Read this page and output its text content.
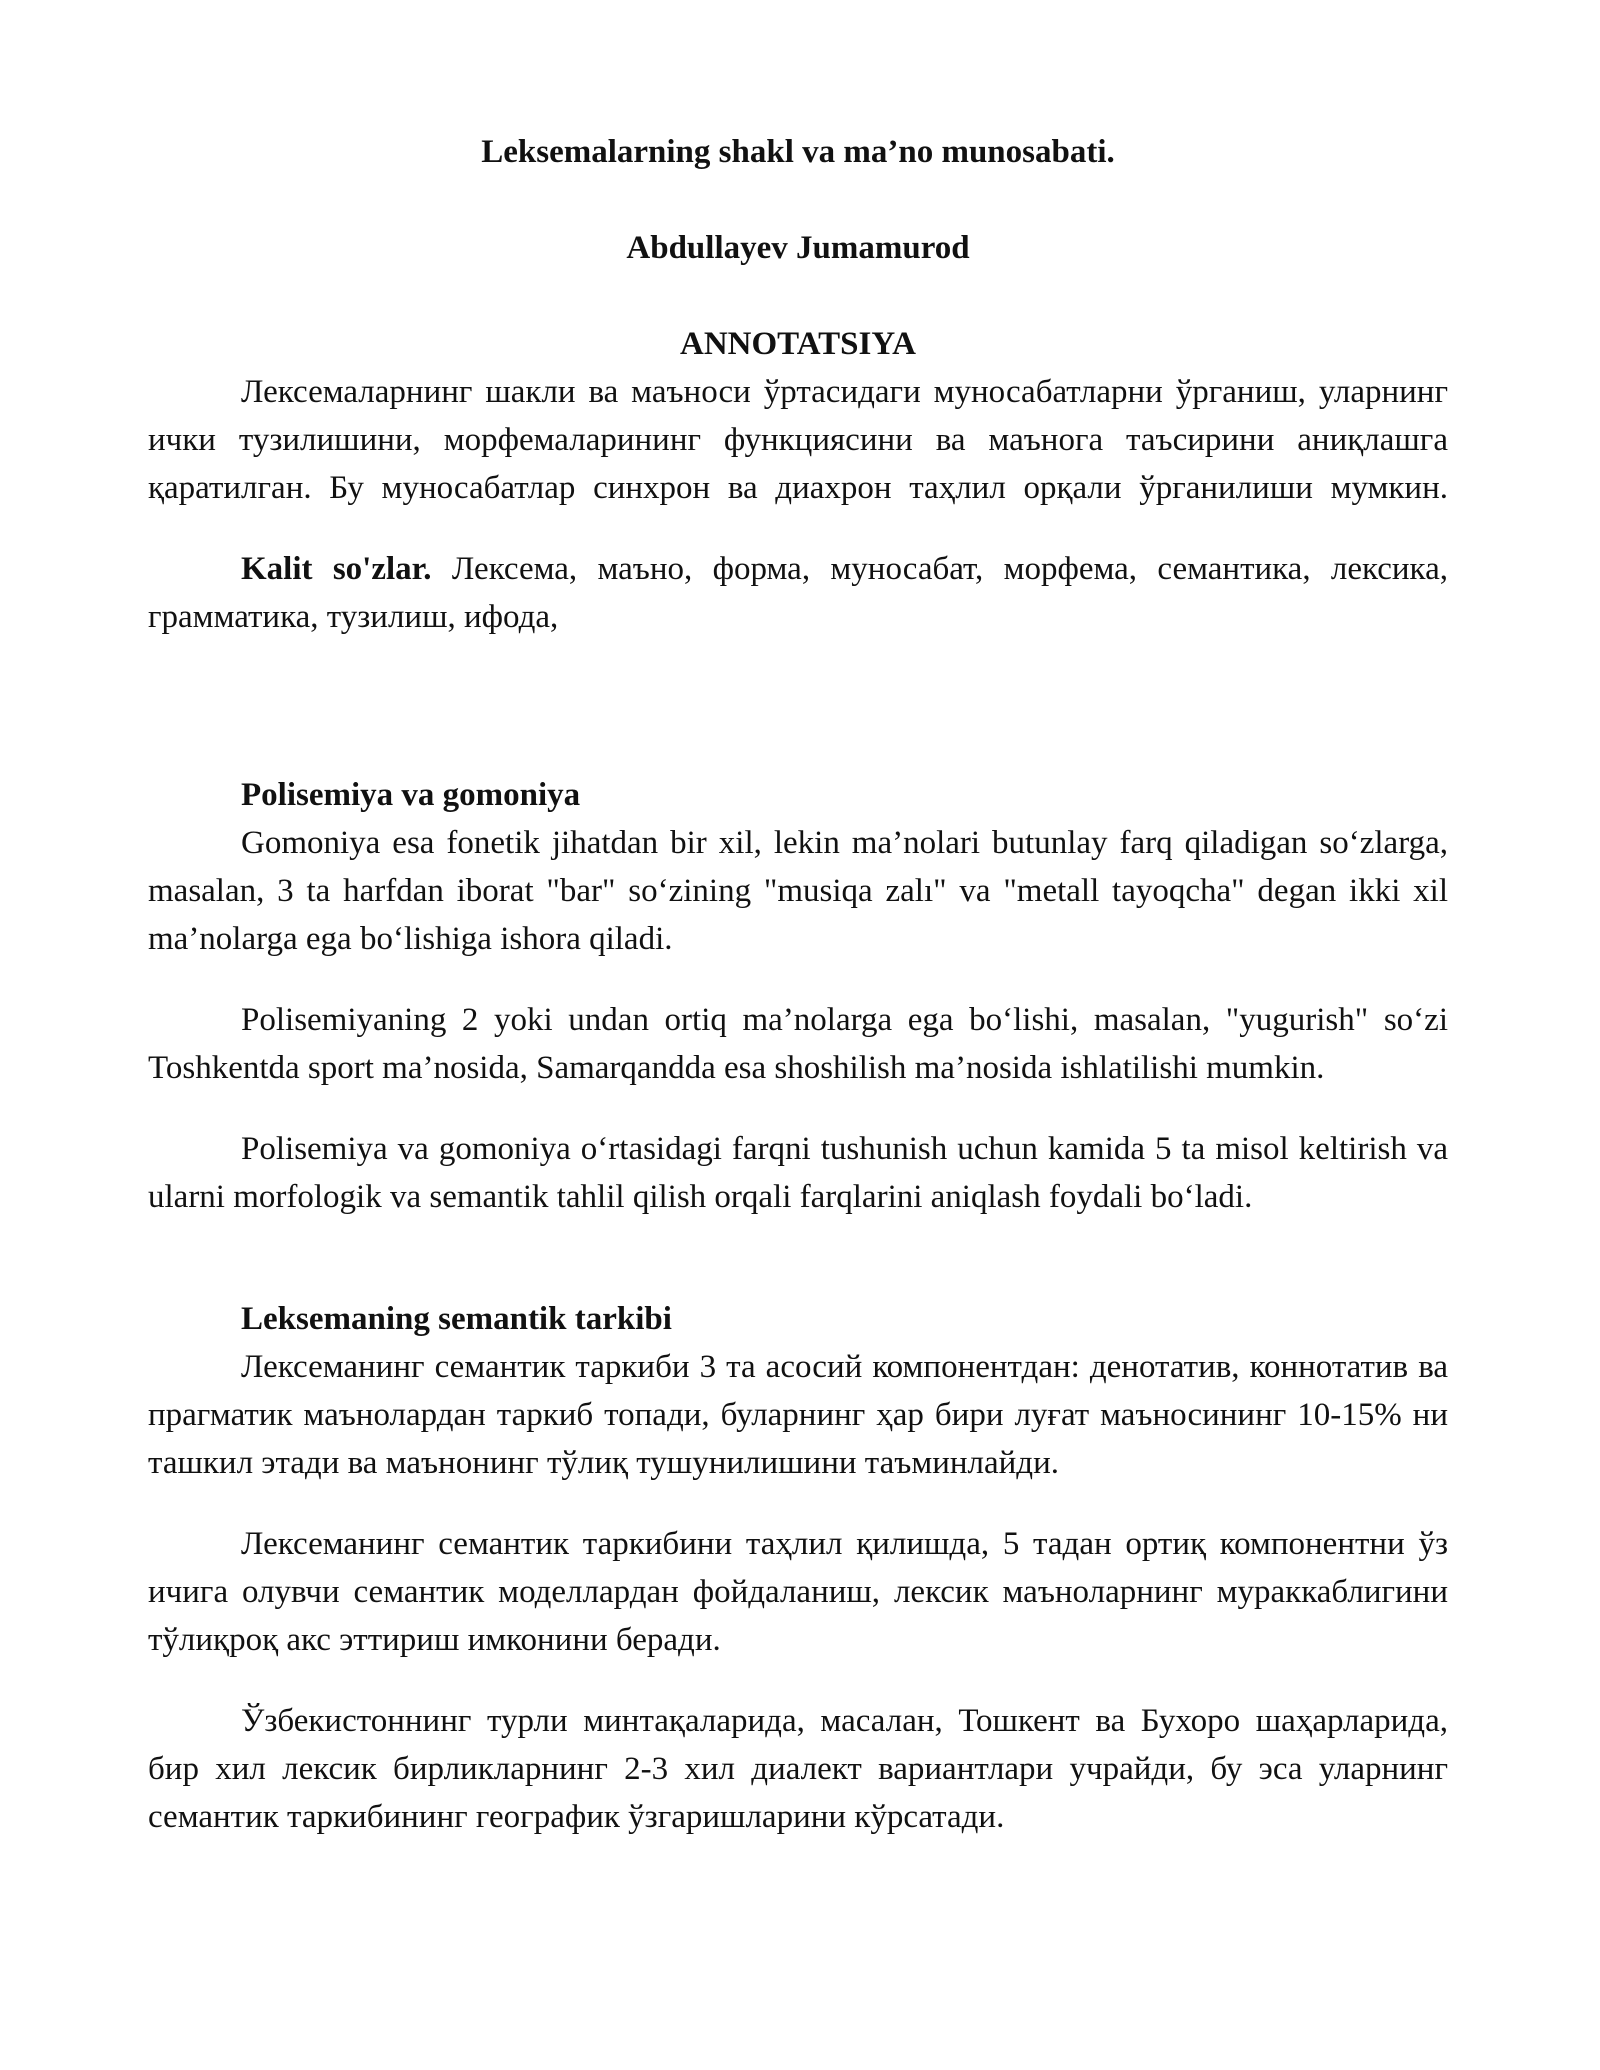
Leksemalarning shakl va ma’no munosabati.
Abdullayev Jumamurod
ANNOTATSIYA

Лексемаларнинг шакли ва маъноси ўртасидаги муносабатларни ўрганиш, уларнинг ички тузилишини, морфемаларининг функциясини ва маънога таъсирини аниқлашга қаратилган. Бу муносабатлар синхрон ва диахрон таҳлил орқали ўрганилиши мумкин.

Kalit so'zlar. Лексема, маъно, форма, муносабат, морфема, семантика, лексика, грамматика, тузилиш, ифода,

Polisemiya va gomoniya

Gomoniya esa fonetik jihatdan bir xil, lekin ma’nolari butunlay farq qiladigan so‘zlarga, masalan, 3 ta harfdan iborat "bar" so‘zining "musiqa zalı" va "metall tayoqcha" degan ikki xil ma’nolarga ega bo‘lishiga ishora qiladi.

Polisemiyaning 2 yoki undan ortiq ma’nolarga ega bo‘lishi, masalan, "yugurish" so‘zi Toshkentda sport ma’nosida, Samarqandda esa shoshilish ma’nosida ishlatilishi mumkin.

Polisemiya va gomoniya o‘rtasidagi farqni tushunish uchun kamida 5 ta misol keltirish va ularni morfologik va semantik tahlil qilish orqali farqlarini aniqlash foydali bo‘ladi.

Leksemaning semantik tarkibi

Лексеманинг семантик таркиби 3 та асосий компонентдан: денотатив, коннотатив ва прагматик маънолардан таркиб топади, буларнинг ҳар бири луғат маъносининг 10-15% ни ташкил этади ва маънонинг тўлиқ тушунилишини таъминлайди.

Лексеманинг семантик таркибини таҳлил қилишда, 5 тадан ортиқ компонентни ўз ичига олувчи семантик моделлардан фойдаланиш, лексик маъноларнинг мураккаблигини тўлиқроқ акс эттириш имконини беради.

Ўзбекистоннинг турли минтақаларида, масалан, Тошкент ва Бухоро шаҳарларида, бир хил лексик бирликларнинг 2-3 хил диалект вариантлари учрайди, бу эса уларнинг семантик таркибининг географик ўзгаришларини кўрсатади.
